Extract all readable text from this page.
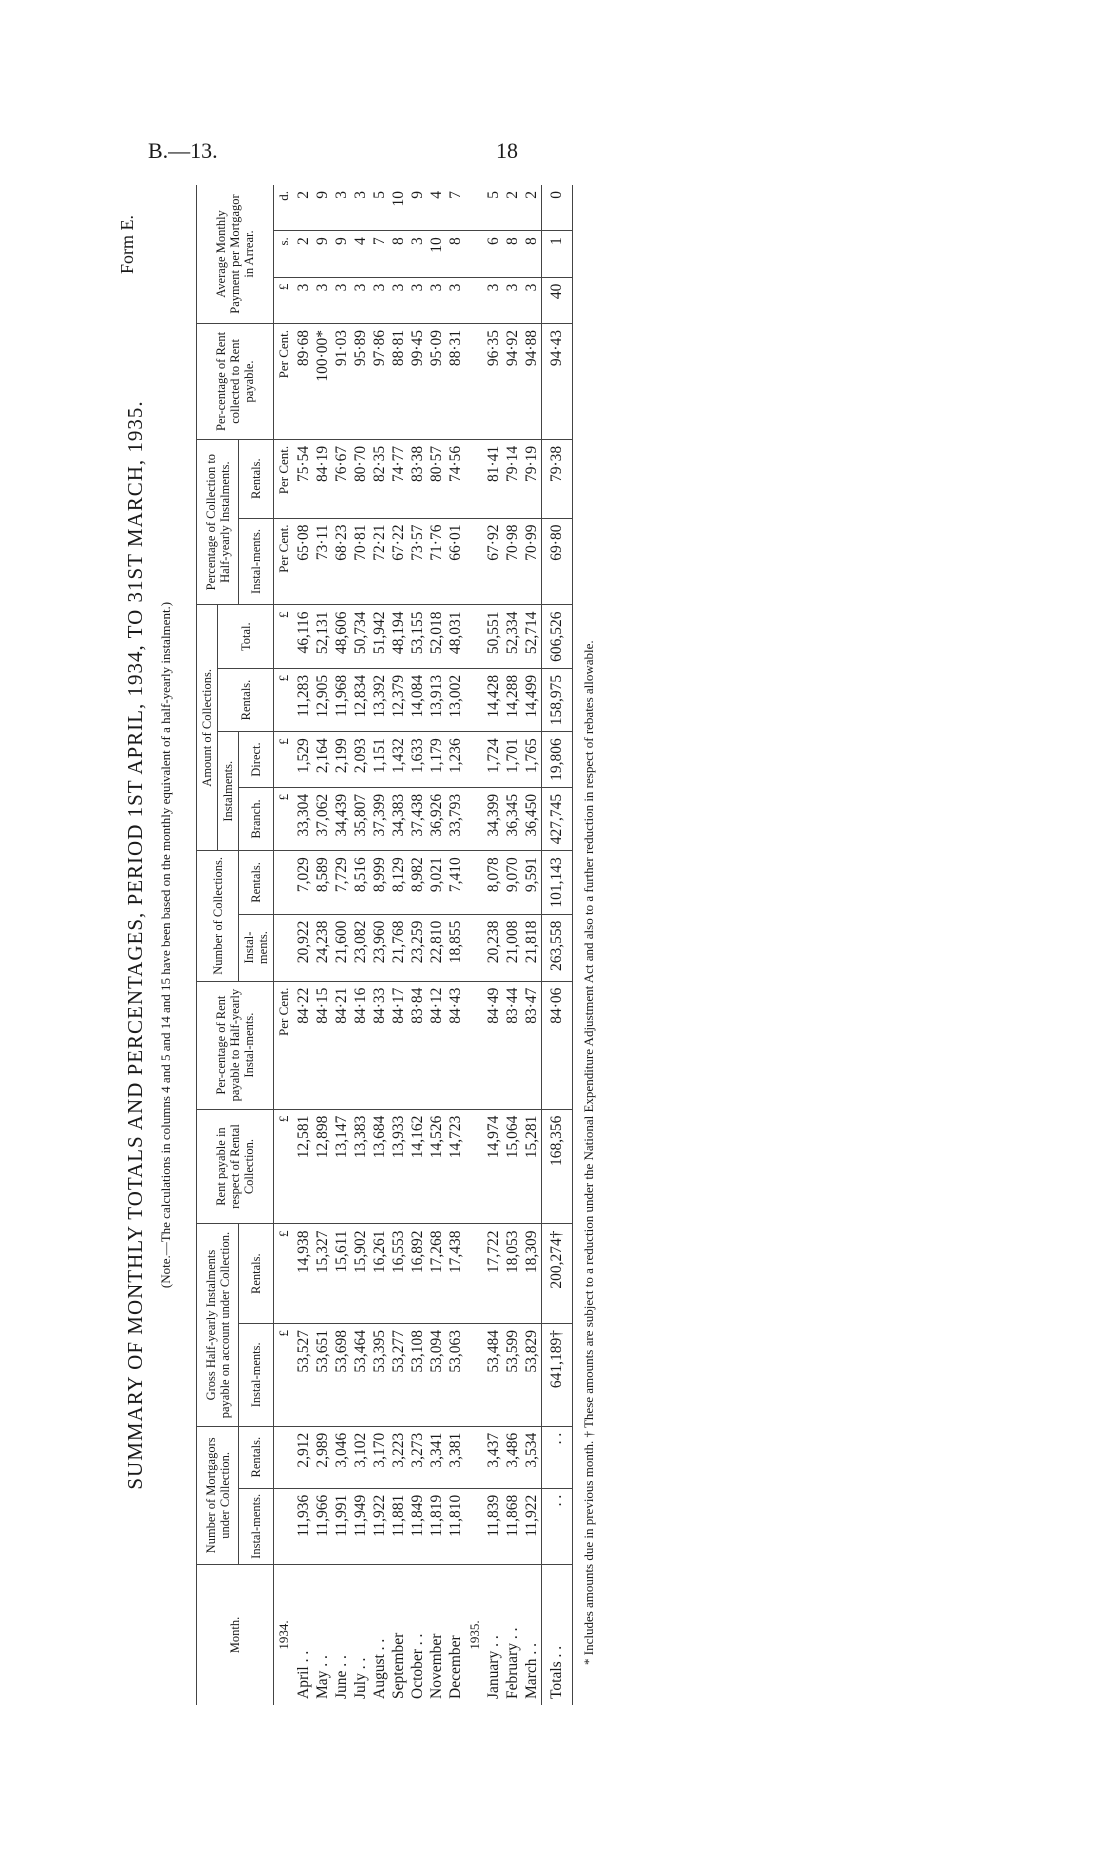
B.—13.	18
Form E.
SUMMARY OF MONTHLY TOTALS AND PERCENTAGES, PERIOD 1ST APRIL, 1934, TO 31ST MARCH, 1935. (Note.—The calculations in columns 4 and 5 and 14 and 15 have been based on the monthly equivalent of a half-yearly instalment.)
Month.	Number of Mortgagors under Collection.		Gross Half-yearly Instalments payable on account under Collection.		Rent payable in respect of Rental Collection.	Per-centage of Rent payable to Half-yearly Instal-ments.	Number of Collections.		Amount of Collections.				Percentage of Collection to Half-yearly Instalments.		Per-centage of Rent collected to Rent payable.	Average Monthly Payment per Mortgagor in Arrear.		
									Instalments.		Rentals.	Total.						
	Instal-ments.	Rentals.	Instal-ments.	Rentals.			Instal-ments.	Rentals.	Branch.	Direct.			Instal-ments.	Rentals.				
1934.			£	£	£	Per Cent.			£	£	£	£	Per Cent.	Per Cent.	Per Cent.	£	s.	d.
April . .	11,936	2,912	53,527	14,938	12,581	84·22	20,922	7,029	33,304	1,529	11,283	46,116	65·08	75·54	89·68	3	2	2
May . .	11,966	2,989	53,651	15,327	12,898	84·15	24,238	8,589	37,062	2,164	12,905	52,131	73·11	84·19	100·00*	3	9	9
June . .	11,991	3,046	53,698	15,611	13,147	84·21	21,600	7,729	34,439	2,199	11,968	48,606	68·23	76·67	91·03	3	9	3
July . .	11,949	3,102	53,464	15,902	13,383	84·16	23,082	8,516	35,807	2,093	12,834	50,734	70·81	80·70	95·89	3	4	3
August . .	11,922	3,170	53,395	16,261	13,684	84·33	23,960	8,999	37,399	1,151	13,392	51,942	72·21	82·35	97·86	3	7	5
September	11,881	3,223	53,277	16,553	13,933	84·17	21,768	8,129	34,383	1,432	12,379	48,194	67·22	74·77	88·81	3	8	10
October . .	11,849	3,273	53,108	16,892	14,162	83·84	23,259	8,982	37,438	1,633	14,084	53,155	73·57	83·38	99·45	3	3	9
November	11,819	3,341	53,094	17,268	14,526	84·12	22,810	9,021	36,926	1,179	13,913	52,018	71·76	80·57	95·09	3	10	4
December	11,810	3,381	53,063	17,438	14,723	84·43	18,855	7,410	33,793	1,236	13,002	48,031	66·01	74·56	88·31	3	8	7
1935.																		
January . .	11,839	3,437	53,484	17,722	14,974	84·49	20,238	8,078	34,399	1,724	14,428	50,551	67·92	81·41	96·35	3	6	5
February . .	11,868	3,486	53,599	18,053	15,064	83·44	21,008	9,070	36,345	1,701	14,288	52,334	70·98	79·14	94·92	3	8	2
March . .	11,922	3,534	53,829	18,309	15,281	83·47	21,818	9,591	36,450	1,765	14,499	52,714	70·99	79·19	94·88	3	8	2
Totals . .	. .	. .	641,189†	200,274†	168,356	84·06	263,558	101,143	427,745	19,806	158,975	606,526	69·80	79·38	94·43	40	1	0
* Includes amounts due in previous month. † These amounts are subject to a reduction under the National Expenditure Adjustment Act and also to a further reduction in respect of rebates allowable.
